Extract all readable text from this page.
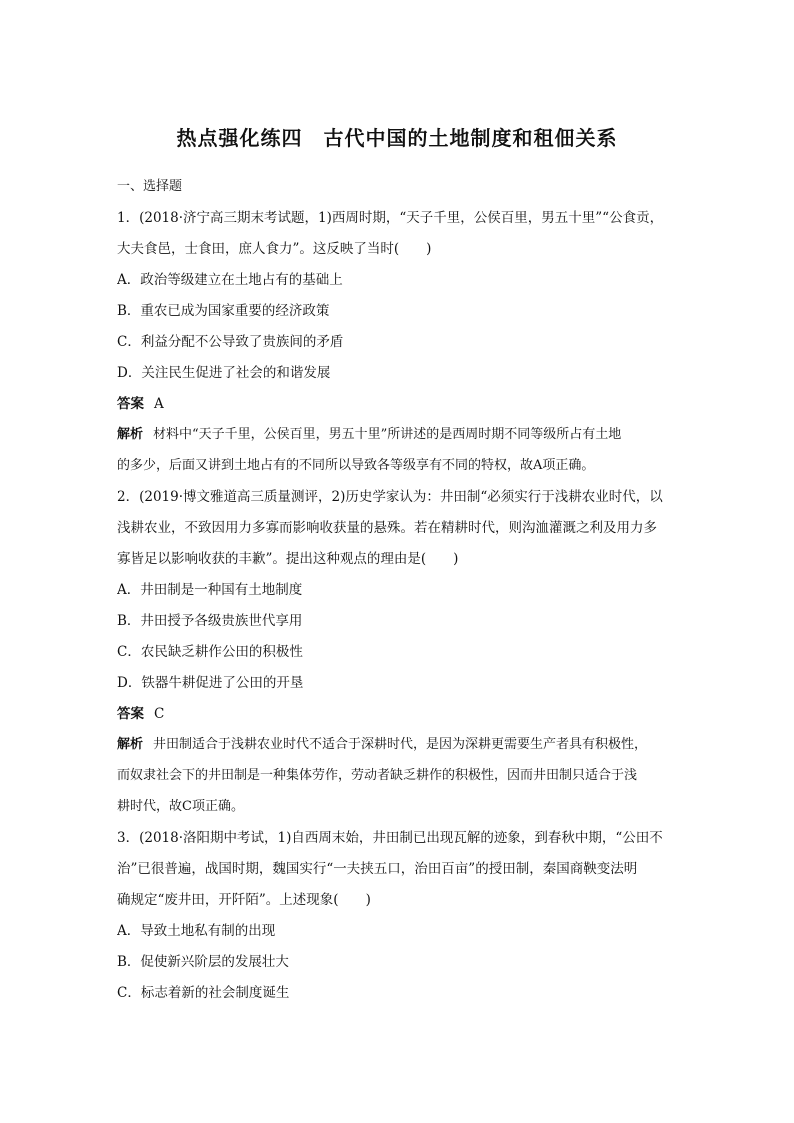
热点强化练四　古代中国的土地制度和租佃关系
一、选择题
1．(2018·济宁高三期末考试题，1)西周时期，“天子千里，公侯百里，男五十里”“公食贡，
大夫食邑，士食田，庶人食力”。这反映了当时(　　)
A．政治等级建立在土地占有的基础上
B．重农已成为国家重要的经济政策
C．利益分配不公导致了贵族间的矛盾
D．关注民生促进了社会的和谐发展
答案 A
解析 材料中“天子千里，公侯百里，男五十里”所讲述的是西周时期不同等级所占有土地
的多少，后面又讲到土地占有的不同所以导致各等级享有不同的特权，故A项正确。
2．(2019·博文雅道高三质量测评，2)历史学家认为：井田制“必须实行于浅耕农业时代，以
浅耕农业，不致因用力多寡而影响收获量的悬殊。若在精耕时代，则沟洫灌溉之利及用力多
寡皆足以影响收获的丰歉”。提出这种观点的理由是(　　)
A．井田制是一种国有土地制度
B．井田授予各级贵族世代享用
C．农民缺乏耕作公田的积极性
D．铁器牛耕促进了公田的开垦
答案 C
解析 井田制适合于浅耕农业时代不适合于深耕时代，是因为深耕更需要生产者具有积极性，
而奴隶社会下的井田制是一种集体劳作，劳动者缺乏耕作的积极性，因而井田制只适合于浅
耕时代，故C项正确。
3．(2018·洛阳期中考试，1)自西周末始，井田制已出现瓦解的迹象，到春秋中期，“公田不
治”已很普遍，战国时期，魏国实行“一夫挟五口，治田百亩”的授田制，秦国商鞅变法明
确规定“废井田，开阡陌”。上述现象(　　)
A．导致土地私有制的出现
B．促使新兴阶层的发展壮大
C．标志着新的社会制度诞生
